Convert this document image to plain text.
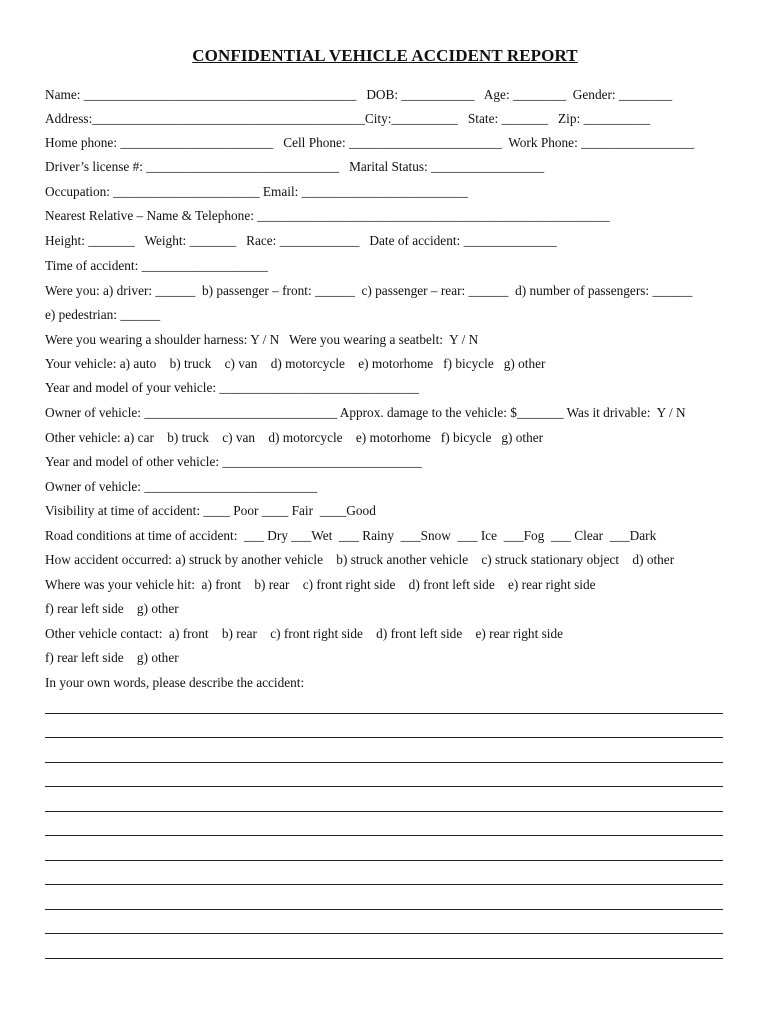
CONFIDENTIAL VEHICLE ACCIDENT REPORT
Name: _________________________________________   DOB: ___________   Age: ________  Gender: ________
Address:_________________________________________City:__________   State: _______   Zip: __________
Home phone: _______________________   Cell Phone: _______________________  Work Phone: _________________
Driver’s license #: _____________________________   Marital Status: _________________
Occupation: ______________________ Email: _________________________
Nearest Relative – Name & Telephone: _____________________________________________________
Height: _______   Weight: _______   Race: ____________   Date of accident: ______________
Time of accident: ___________________
Were you: a) driver: ______  b) passenger – front: ______  c) passenger – rear: ______  d) number of passengers: ______
e) pedestrian: ______
Were you wearing a shoulder harness: Y / N   Were you wearing a seatbelt:  Y / N
Your vehicle: a) auto    b) truck    c) van    d) motorcycle    e) motorhome   f) bicycle   g) other
Year and model of your vehicle: ______________________________
Owner of vehicle: _____________________________ Approx. damage to the vehicle: $_______ Was it drivable:  Y / N
Other vehicle: a) car    b) truck    c) van    d) motorcycle    e) motorhome   f) bicycle   g) other
Year and model of other vehicle: ______________________________
Owner of vehicle: __________________________
Visibility at time of accident: ____ Poor ____ Fair  ____Good
Road conditions at time of accident:  ___ Dry ___Wet  ___ Rainy  ___Snow  ___ Ice  ___Fog  ___ Clear  ___Dark
How accident occurred: a) struck by another vehicle    b) struck another vehicle    c) struck stationary object    d) other
Where was your vehicle hit:  a) front    b) rear    c) front right side    d) front left side    e) rear right side
f) rear left side    g) other
Other vehicle contact:  a) front    b) rear    c) front right side    d) front left side    e) rear right side
f) rear left side    g) other
In your own words, please describe the accident:
